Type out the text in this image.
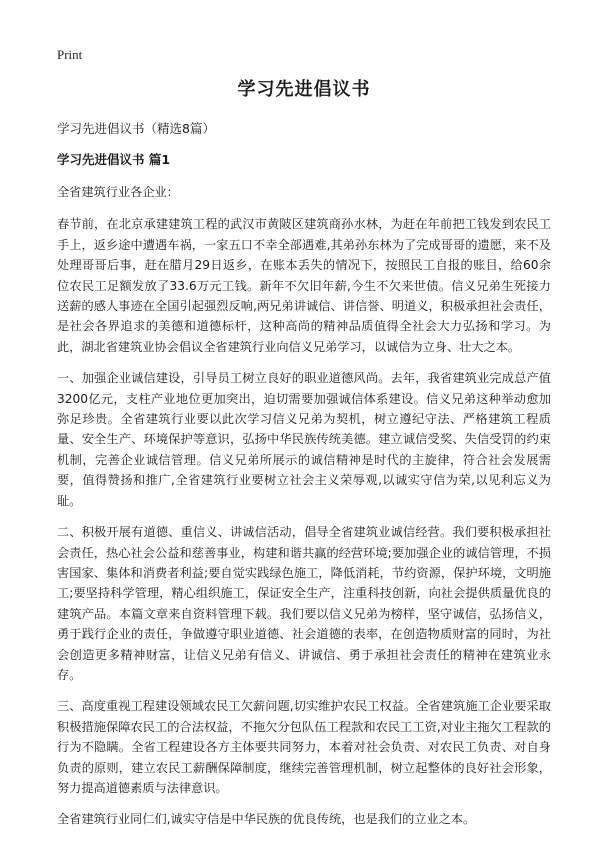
Print
学习先进倡议书

学习先进倡议书（精选8篇）

学习先进倡议书 篇1

全省建筑行业各企业：

春节前，在北京承建建筑工程的武汉市黄陂区建筑商孙水林，为赶在年前把工钱发到农民工手上，返乡途中遭遇车祸，一家五口不幸全部遇难,其弟孙东林为了完成哥哥的遗愿，来不及处理哥哥后事，赶在腊月29日返乡，在账本丢失的情况下，按照民工自报的账目，给60余位农民工足额发放了33.6万元工钱。新年不欠旧年薪,今生不欠来世债。信义兄弟生死接力送薪的感人事迹在全国引起强烈反响,两兄弟讲诚信、讲信誉、明道义，积极承担社会责任，是社会各界追求的美德和道德标杆，这种高尚的精神品质值得全社会大力弘扬和学习。为此，湖北省建筑业协会倡议全省建筑行业向信义兄弟学习，以诚信为立身、壮大之本。

一、加强企业诚信建设，引导员工树立良好的职业道德风尚。去年，我省建筑业完成总产值3200亿元，支柱产业地位更加突出，迫切需要加强诚信体系建设。信义兄弟这种举动愈加弥足珍贵。全省建筑行业要以此次学习信义兄弟为契机，树立遵纪守法、严格建筑工程质量、安全生产、环境保护等意识，弘扬中华民族传统美德。建立诚信受奖、失信受罚的约束机制，完善企业诚信管理。信义兄弟所展示的诚信精神是时代的主旋律，符合社会发展需要，值得赞扬和推广,全省建筑行业要树立社会主义荣辱观,以诚实守信为荣,以见利忘义为耻。

二、积极开展有道德、重信义、讲诚信活动，倡导全省建筑业诚信经营。我们要积极承担社会责任，热心社会公益和慈善事业，构建和谐共赢的经营环境;要加强企业的诚信管理，不损害国家、集体和消费者利益;要自觉实践绿色施工，降低消耗，节约资源，保护环境，文明施工;要坚持科学管理，精心组织施工，保证安全生产，注重科技创新，向社会提供质量优良的建筑产品。本篇文章来自资料管理下载。我们要以信义兄弟为榜样，坚守诚信，弘扬信义，勇于践行企业的责任，争做遵守职业道德、社会道德的表率，在创造物质财富的同时，为社会创造更多精神财富，让信义兄弟有信义、讲诚信、勇于承担社会责任的精神在建筑业永存。

三、高度重视工程建设领域农民工欠薪问题,切实维护农民工权益。全省建筑施工企业要采取积极措施保障农民工的合法权益，不拖欠分包队伍工程款和农民工工资,对业主拖欠工程款的行为不隐瞒。全省工程建设各方主体要共同努力，本着对社会负责、对农民工负责、对自身负责的原则，建立农民工薪酬保障制度，继续完善管理机制，树立起整体的良好社会形象，努力提高道德素质与法律意识。

全省建筑行业同仁们,诚实守信是中华民族的优良传统，也是我们的立业之本。
